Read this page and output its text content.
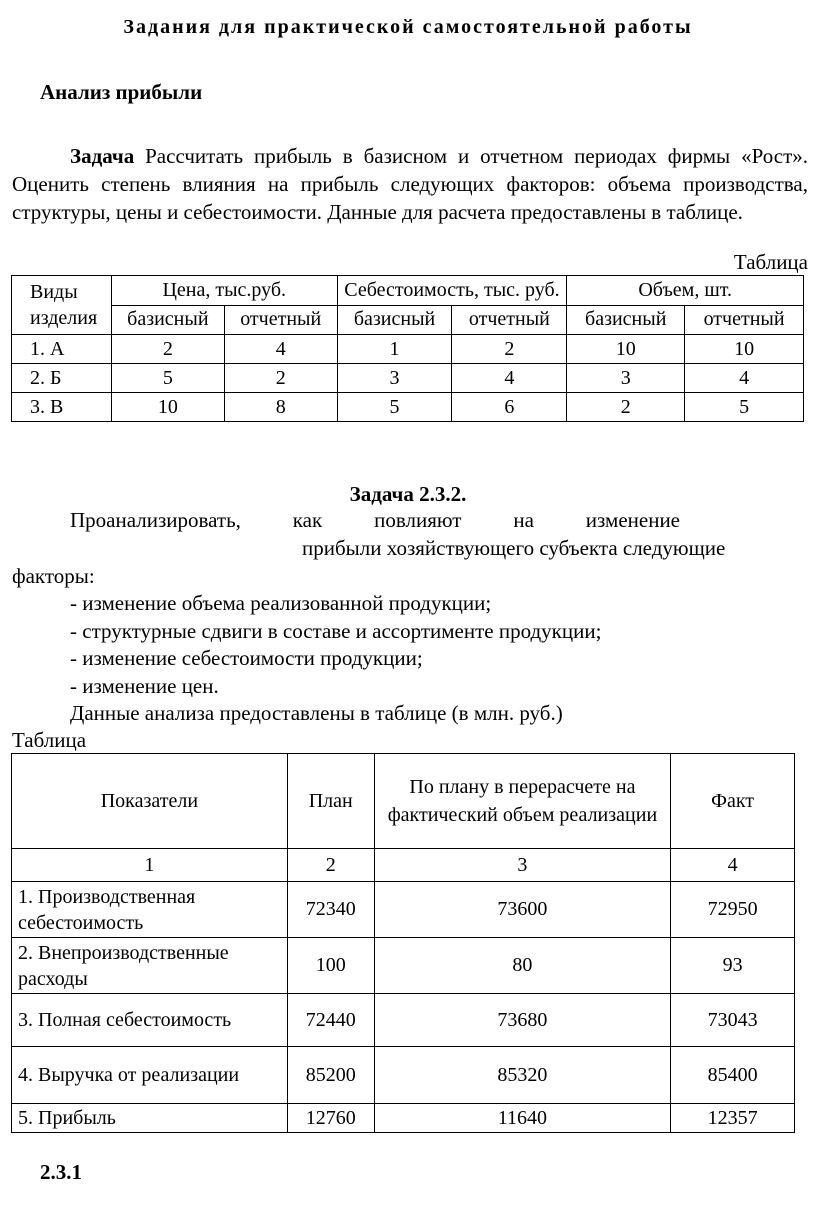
Задания для практической самостоятельной работы
Анализ прибыли

Задача Рассчитать прибыль в базисном и отчетном периодах фирмы «Рост». Оценить степень влияния на прибыль следующих факторов: объема производства, структуры, цены и себестоимости. Данные для расчета предоставлены в таблице.

Таблица
Виды изделия	Цена, тыс.руб.		Себестоимость, тыс. руб.		Объем, шт.	
	базисный	отчетный	базисный	отчетный	базисный	отчетный
1. А	2	4	1	2	10	10
2. Б	5	2	3	4	3	4
3. В	10	8	5	6	2	5
Задача 2.3.2.
Проанализировать, как повлияют на изменение
прибыли хозяйствующего субъекта следующие
факторы:
- изменение объема реализованной продукции;
- структурные сдвиги в составе и ассортименте продукции;
- изменение себестоимости продукции;
- изменение цен.
Данные анализа предоставлены в таблице (в млн. руб.)
Таблица
Показатели	План	По плану в перерасчете на фактический объем реализации	Факт
1	2	3	4
1. Производственная себестоимость	72340	73600	72950
2. Внепроизводственные расходы	100	80	93
3. Полная себестоимость	72440	73680	73043
4. Выручка от реализации	85200	85320	85400
5. Прибыль	12760	11640	12357
2.3.1
